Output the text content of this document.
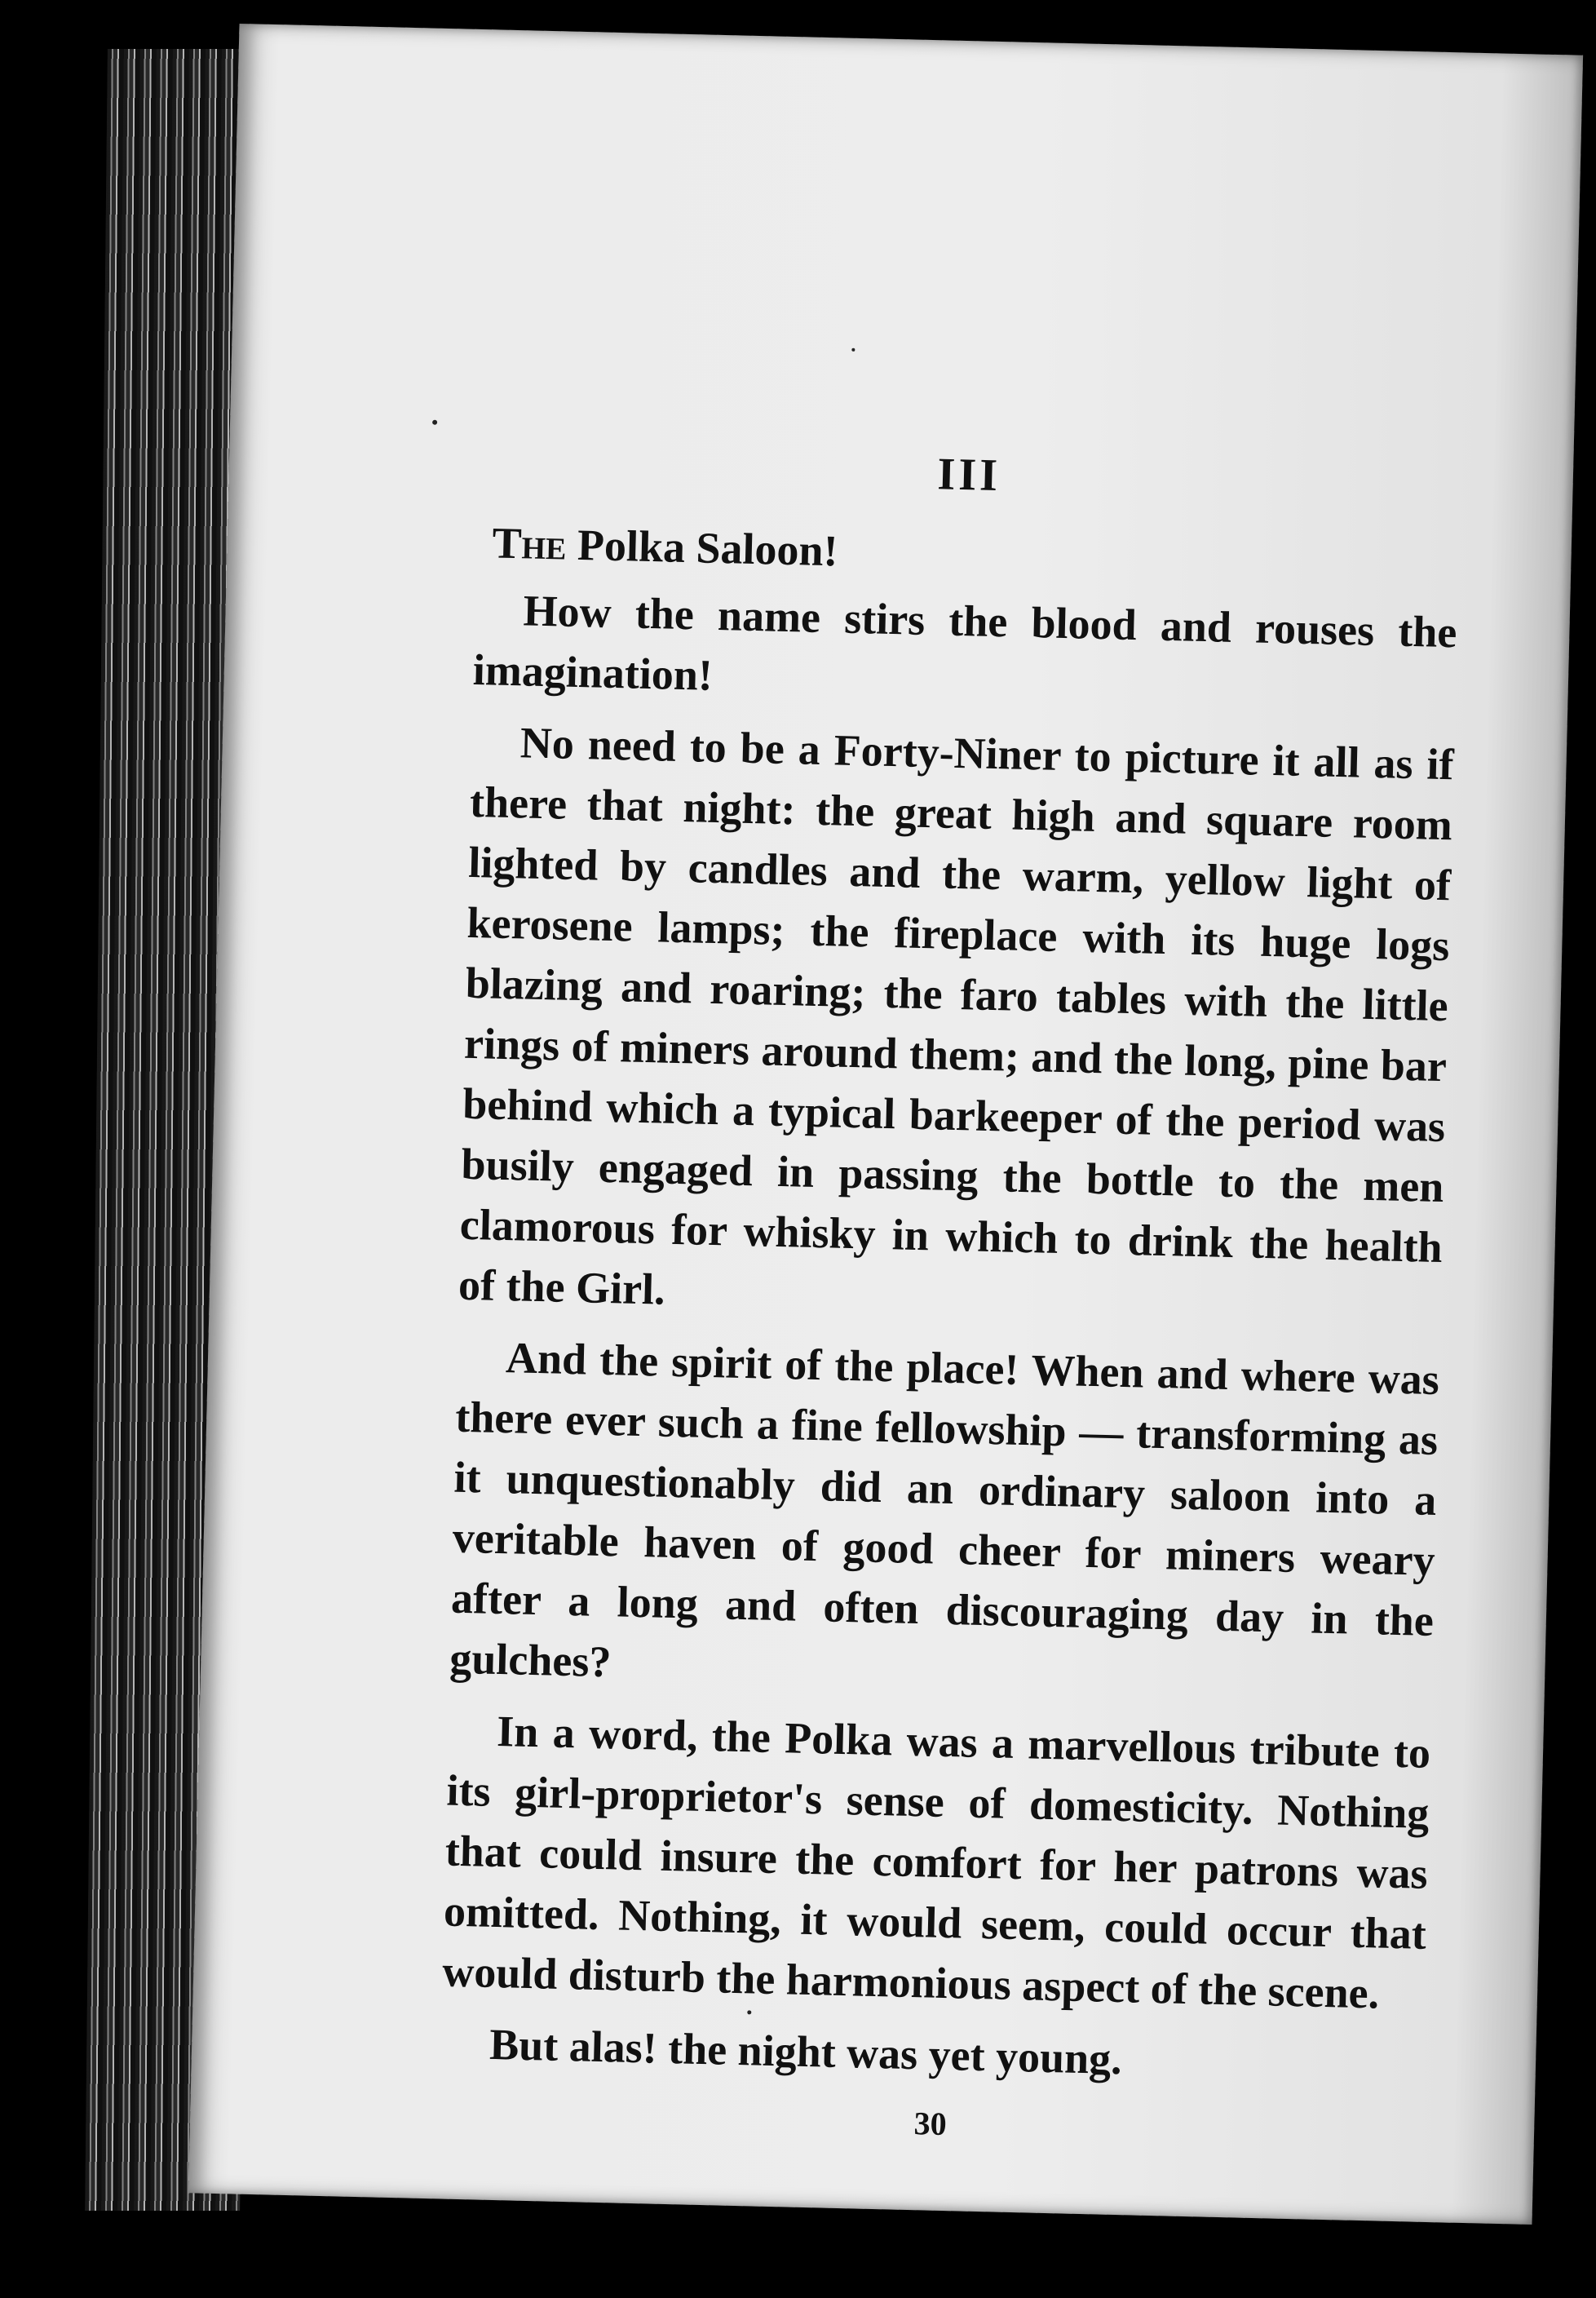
III

The Polka Saloon!

How the name stirs the blood and rouses the imagination!

No need to be a Forty-Niner to picture it all as if there that night: the great high and square room lighted by candles and the warm, yellow light of kerosene lamps; the fireplace with its huge logs blazing and roaring; the faro tables with the little rings of miners around them; and the long, pine bar behind which a typical barkeeper of the period was busily engaged in passing the bottle to the men clamorous for whisky in which to drink the health of the Girl.

And the spirit of the place! When and where was there ever such a fine fellowship — transforming as it unquestionably did an ordinary saloon into a veritable haven of good cheer for miners weary after a long and often discouraging day in the gulches?

In a word, the Polka was a marvellous tribute to its girl-proprietor's sense of domesticity. Nothing that could insure the comfort for her patrons was omitted. Nothing, it would seem, could occur that would disturb the harmonious aspect of the scene.

But alas! the night was yet young.

30
